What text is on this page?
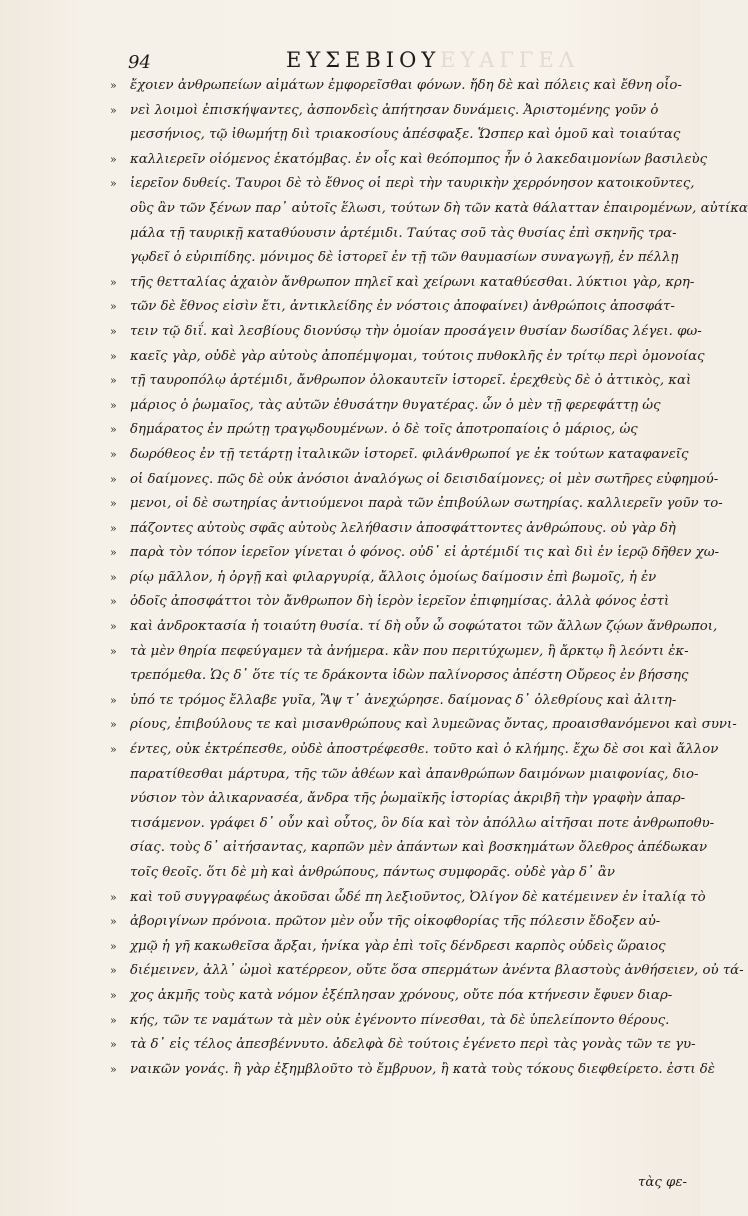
94	ΕΥΣΕΒΙΟΥ ΕΥΑΓΓΕΛ
» ἔχοιεν ἀνθρωπείων αἱμάτων ἐμφορεῖσθαι φόνων. ἤδη δὲ καὶ πόλεις καὶ ἔθνη οἷο-
» νεὶ λοιμοὶ ἐπισκήψαντες, ἀσπονδεὶς ἀπήτησαν δυνάμεις. Ἀριστομένης γοῦν ὁ
μεσσήνιος, τῷ ἰθωμήτῃ διὶ τριακοσίους ἀπέσφαξε. Ὥσπερ καὶ ὁμοῦ καὶ τοιαύτας
» καλλιερεῖν οἰόμενος ἑκατόμβας. ἐν οἷς καὶ θεόπομπος ἦν ὁ λακεδαιμονίων βασιλεὺς
» ἱερεῖον δυθείς. Ταυροι δὲ τὸ ἔθνος οἱ περὶ τὴν ταυρικὴν χερρόνησον κατοικοῦντες,
οὓς ἂν τῶν ξένων παρ᾽ αὐτοῖς ἕλωσι, τούτων δὴ τῶν κατὰ θάλατταν ἐπαιρομένων, αὐτίκα
μάλα τῇ ταυρικῇ καταθύουσιν ἀρτέμιδι. Ταύτας σοῦ τὰς θυσίας ἐπὶ σκηνῆς τρα-
γῳδεῖ ὁ εὐριπίδης. μόνιμος δὲ ἱστορεῖ ἐν τῇ τῶν θαυμασίων συναγωγῇ, ἐν πέλλῃ
» τῆς θετταλίας ἀχαιὸν ἄνθρωπον πηλεῖ καὶ χείρωνι καταθύεσθαι. λύκτιοι γὰρ, κρη-
» τῶν δὲ ἔθνος εἰσὶν ἔτι, ἀντικλείδης ἐν νόστοις ἀποφαίνει) ἀνθρώποις ἀποσφάτ-
» τειν τῷ διΐ. καὶ λεσβίους διονύσῳ τὴν ὁμοίαν προσάγειν θυσίαν δωσίδας λέγει. φω-
» καεῖς γὰρ, οὐδὲ γὰρ αὐτοὺς ἀποπέμψομαι, τούτοις πυθοκλῆς ἐν τρίτῳ περὶ ὁμονοίας
» τῇ ταυροπόλῳ ἀρτέμιδι, ἄνθρωπον ὁλοκαυτεῖν ἱστορεῖ. ἐρεχθεὺς δὲ ὁ ἀττικὸς, καὶ
» μάριος ὁ ῥωμαῖος, τὰς αὐτῶν ἐθυσάτην θυγατέρας. ὧν ὁ μὲν τῇ φερεφάττῃ ὡς
» δημάρατος ἐν πρώτῃ τραγῳδουμένων. ὁ δὲ τοῖς ἀποτροπαίοις ὁ μάριος, ὡς
» δωρόθεος ἐν τῇ τετάρτῃ ἰταλικῶν ἱστορεῖ. φιλάνθρωποί γε ἐκ τούτων καταφανεῖς
» οἱ δαίμονες. πῶς δὲ οὐκ ἀνόσιοι ἀναλόγως οἱ δεισιδαίμονες; οἱ μὲν σωτῆρες εὐφημού-
» μενοι, οἱ δὲ σωτηρίας ἀντιούμενοι παρὰ τῶν ἐπιβούλων σωτηρίας. καλλιερεῖν γοῦν το-
» πάζοντες αὐτοὺς σφᾶς αὐτοὺς λελήθασιν ἀποσφάττοντες ἀνθρώπους. οὐ γὰρ δὴ
» παρὰ τὸν τόπον ἱερεῖον γίνεται ὁ φόνος. οὐδ᾽ εἰ ἀρτέμιδί τις καὶ διὶ ἐν ἱερῷ δῆθεν χω-
» ρίῳ μᾶλλον, ἡ ὀργῇ καὶ φιλαργυρίᾳ, ἄλλοις ὁμοίως δαίμοσιν ἐπὶ βωμοῖς, ἡ ἐν
» ὁδοῖς ἀποσφάττοι τὸν ἄνθρωπον δὴ ἱερὸν ἱερεῖον ἐπιφημίσας. ἀλλὰ φόνος ἐστὶ
» καὶ ἀνδροκτασία ἡ τοιαύτη θυσία. τί δὴ οὖν ὦ σοφώτατοι τῶν ἄλλων ζῴων ἄνθρωποι,
» τὰ μὲν θηρία πεφεύγαμεν τὰ ἀνήμερα. κἂν που περιτύχωμεν, ἢ ἄρκτῳ ἢ λεόντι ἐκ-
τρεπόμεθα. Ὡς δ᾽ ὅτε τίς τε δράκοντα ἰδὼν παλίνορσος ἀπέστη Οὔρεος ἐν βήσσης
» ὑπό τε τρόμος ἔλλαβε γυῖα, Ἂψ τ᾽ ἀνεχώρησε. δαίμονας δ᾽ ὀλεθρίους καὶ ἀλιτη-
» ρίους, ἐπιβούλους τε καὶ μισανθρώπους καὶ λυμεῶνας ὄντας, προαισθανόμενοι καὶ συνι-
» έντες, οὐκ ἐκτρέπεσθε, οὐδὲ ἀποστρέφεσθε. τοῦτο καὶ ὁ κλήμης. ἔχω δὲ σοι καὶ ἄλλον
παρατίθεσθαι μάρτυρα, τῆς τῶν ἀθέων καὶ ἀπανθρώπων δαιμόνων μιαιφονίας, διο-
νύσιον τὸν ἁλικαρνασέα, ἄνδρα τῆς ῥωμαϊκῆς ἱστορίας ἀκριβῆ τὴν γραφὴν ἀπαρ-
τισάμενον. γράφει δ᾽ οὖν καὶ οὗτος, ὃν δία καὶ τὸν ἀπόλλω αἰτῆσαι ποτε ἀνθρωποθυ-
σίας. τοὺς δ᾽ αἰτήσαντας, καρπῶν μὲν ἀπάντων καὶ βοσκημάτων ὄλεθρος ἀπέδωκαν
τοῖς θεοῖς. ὅτι δὲ μὴ καὶ ἀνθρώπους, πάντως συμφορᾶς. οὐδὲ γὰρ δ᾽ ἂν
» καὶ τοῦ συγγραφέως ἀκοῦσαι ὧδέ πη λεξιοῦντος, Ὀλίγον δὲ κατέμεινεν ἐν ἰταλίᾳ τὸ
» ἀβοριγίνων πρόνοια. πρῶτον μὲν οὖν τῆς οἰκοφθορίας τῆς πόλεσιν ἔδοξεν αὐ-
» χμῷ ἡ γῆ κακωθεῖσα ἄρξαι, ἡνίκα γὰρ ἐπὶ τοῖς δένδρεσι καρπὸς οὐδεὶς ὥραιος
» διέμεινεν, ἀλλ᾽ ὠμοὶ κατέρρεον, οὔτε ὅσα σπερμάτων ἀνέντα βλαστοὺς ἀνθήσειεν, οὐ τά-
» χος ἀκμῆς τοὺς κατὰ νόμον ἐξέπλησαν χρόνους, οὔτε πόα κτήνεσιν ἔφυεν διαρ-
» κής, τῶν τε ναμάτων τὰ μὲν οὐκ ἐγένοντο πίνεσθαι, τὰ δὲ ὑπελείποντο θέρους.
» τὰ δ᾽ εἰς τέλος ἀπεσβέννυτο. ἀδελφὰ δὲ τούτοις ἐγένετο περὶ τὰς γονὰς τῶν τε γυ-
» ναικῶν γονάς. ἢ γὰρ ἐξημβλοῦτο τὸ ἔμβρυον, ἢ κατὰ τοὺς τόκους διεφθείρετο. ἐστι δὲ
τὰς φε-
